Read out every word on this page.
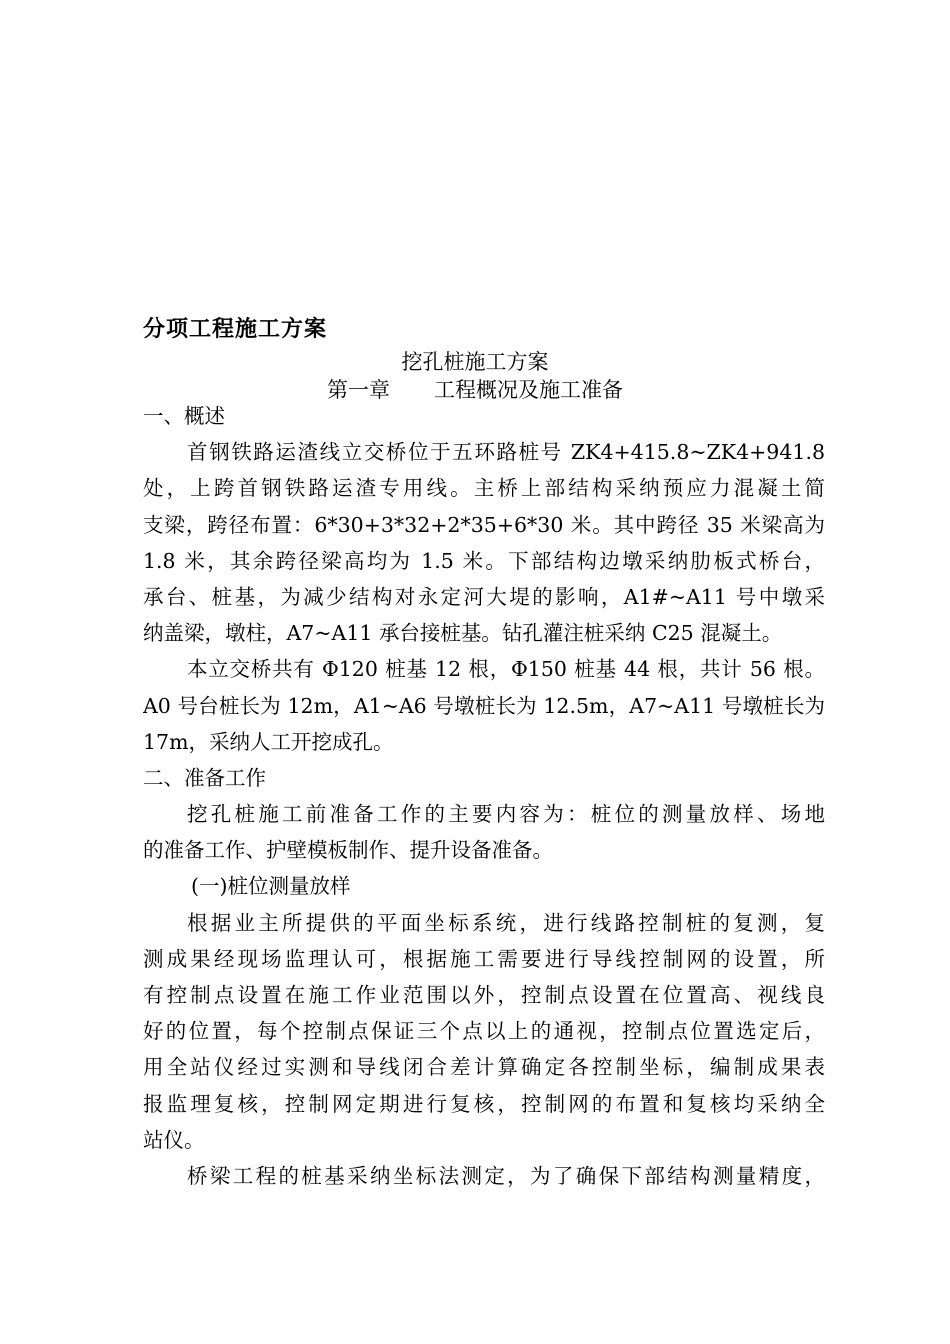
分项工程施工方案
挖孔桩施工方案
第一章 工程概况及施工准备
一、概述
首钢铁路运渣线立交桥位于五环路桩号 ZK4+415.8~ZK4+941.8
处，上跨首钢铁路运渣专用线。主桥上部结构采纳预应力混凝土简
支梁，跨径布置：6*30+3*32+2*35+6*30 米。其中跨径 35 米梁高为
1.8 米，其余跨径梁高均为 1.5 米。下部结构边墩采纳肋板式桥台，
承台、桩基，为减少结构对永定河大堤的影响，A1#~A11 号中墩采
纳盖梁，墩柱，A7~A11 承台接桩基。钻孔灌注桩采纳 C25 混凝土。
本立交桥共有 Φ120 桩基 12 根，Φ150 桩基 44 根，共计 56 根。
A0 号台桩长为 12m，A1~A6 号墩桩长为 12.5m，A7~A11 号墩桩长为
17m，采纳人工开挖成孔。
二、准备工作
挖孔桩施工前准备工作的主要内容为：桩位的测量放样、场地
的准备工作、护壁模板制作、提升设备准备。
(一)桩位测量放样
根据业主所提供的平面坐标系统，进行线路控制桩的复测，复
测成果经现场监理认可，根据施工需要进行导线控制网的设置，所
有控制点设置在施工作业范围以外，控制点设置在位置高、视线良
好的位置，每个控制点保证三个点以上的通视，控制点位置选定后，
用全站仪经过实测和导线闭合差计算确定各控制坐标，编制成果表
报监理复核，控制网定期进行复核，控制网的布置和复核均采纳全
站仪。
桥梁工程的桩基采纳坐标法测定，为了确保下部结构测量精度，
